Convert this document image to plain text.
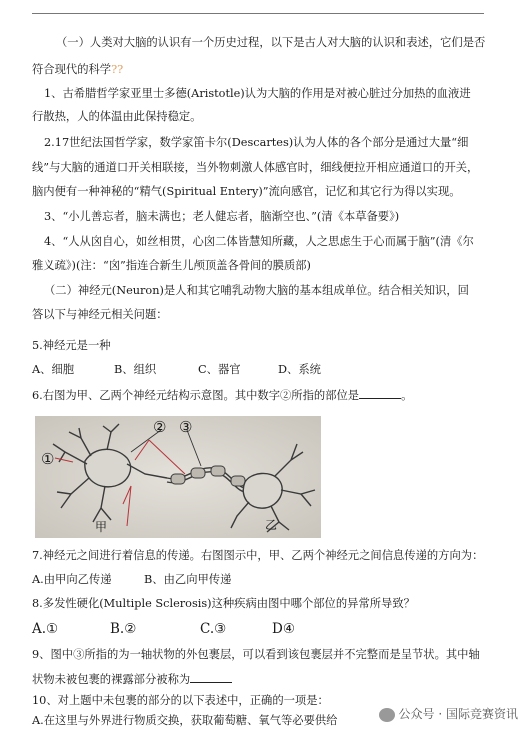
（一）人类对大脑的认识有一个历史过程，以下是古人对大脑的认识和表述，它们是否
符合现代的科学??
1、古希腊哲学家亚里士多德(Aristotle)认为大脑的作用是对被心脏过分加热的血液进
行散热，人的体温由此保持稳定。
2.17世纪法国哲学家，数学家笛卡尔(Descartes)认为人体的各个部分是通过大量“细
线”与大脑的通道口开关相联接，当外物刺激人体感官时，细线便拉开相应通道口的开关，
脑内便有一种神秘的“精气(Spiritual Entery)”流向感官，记忆和其它行为得以实现。
3、“小儿善忘者，脑未满也；老人健忘者，脑渐空也、”(清《本草备要》)
4、“人从囟自心，如丝相贯，心囟二体皆慧知所藏，人之思虑生于心而属于脑”(清《尔
雅义疏》)(注：“囟”指连合新生儿颅顶盖各骨间的膜质部)
（二）神经元(Neuron)是人和其它哺乳动物大脑的基本组成单位。结合相关知识，回
答以下与神经元相关问题：
5.神经元是一种
A、细胞	B、组织	C、器官	D、系统
6.右图为甲、乙两个神经元结构示意图。其中数字②所指的部位是	。
①
② ③
甲	乙
7.神经元之间进行着信息的传递。右图图示中，甲、乙两个神经元之间信息传递的方向为：
A.由甲向乙传递	B、由乙向甲传递
8.多发性硬化(Multiple Sclerosis)这种疾病由图中哪个部位的异常所导致？
A.①	B.②	C.③	D④
9、图中③所指的为一轴状物的外包裹层，可以看到该包裹层并不完整而是呈节状。其中轴
状物未被包裹的裸露部分被称为
10、对上题中未包裹的部分的以下表述中，正确的一项是：
A.在这里与外界进行物质交换，获取葡萄糖、氧气等必要供给	公众号 · 国际竞赛资讯
